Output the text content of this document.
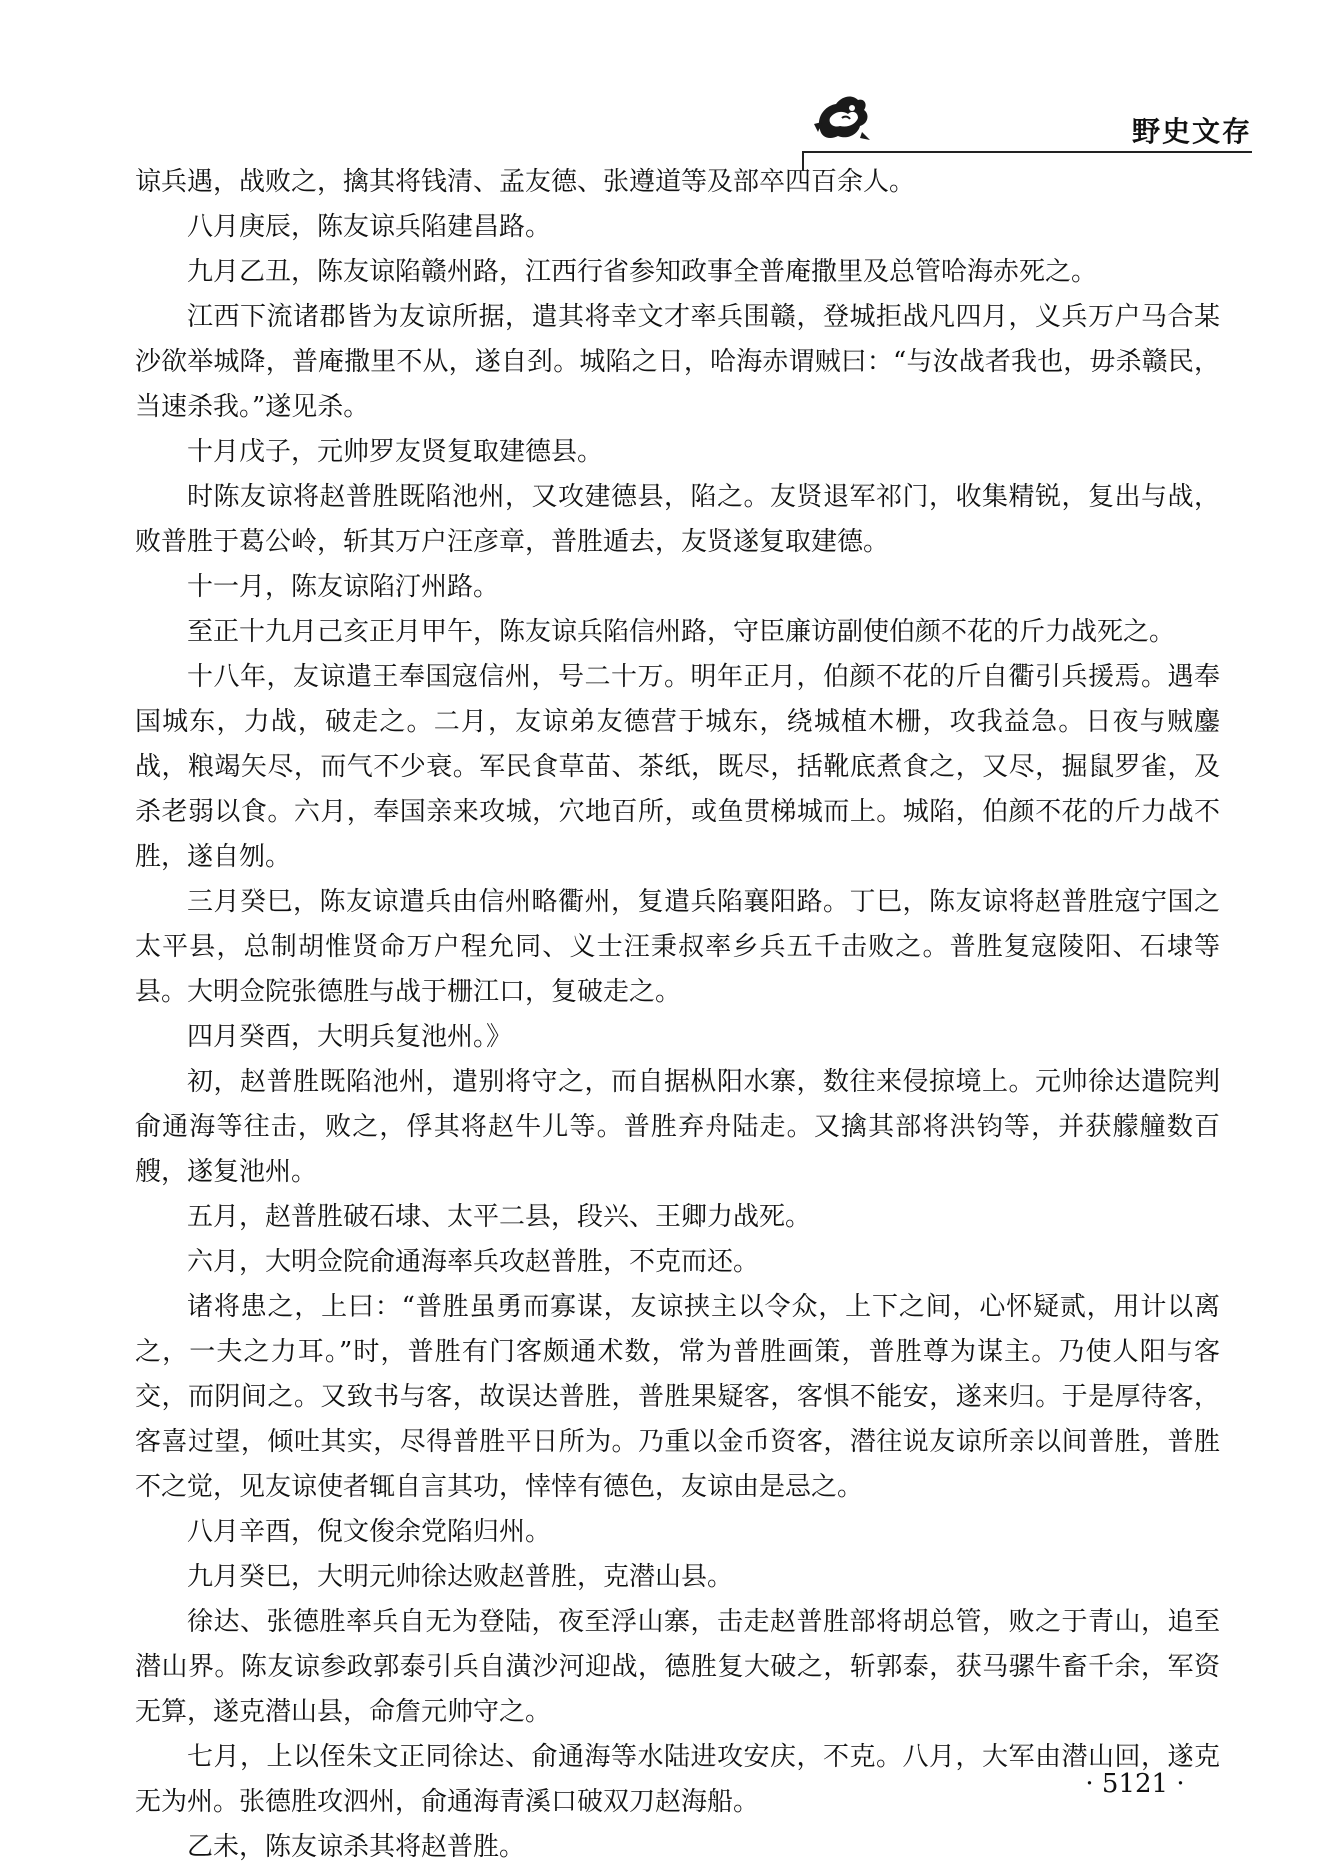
野史文存

谅兵遇，战败之，擒其将钱清、孟友德、张遵道等及部卒四百余人。

八月庚辰，陈友谅兵陷建昌路。

九月乙丑，陈友谅陷赣州路，江西行省参知政事全普庵撒里及总管哈海赤死之。

江西下流诸郡皆为友谅所据，遣其将幸文才率兵围赣，登城拒战凡四月，义兵万户马合某沙欲举城降，普庵撒里不从，遂自刭。城陷之日，哈海赤谓贼曰：“与汝战者我也，毋杀赣民，当速杀我。”遂见杀。

十月戊子，元帅罗友贤复取建德县。

时陈友谅将赵普胜既陷池州，又攻建德县，陷之。友贤退军祁门，收集精锐，复出与战，败普胜于葛公岭，斩其万户汪彦章，普胜遁去，友贤遂复取建德。

十一月，陈友谅陷汀州路。

至正十九月己亥正月甲午，陈友谅兵陷信州路，守臣廉访副使伯颜不花的斤力战死之。

十八年，友谅遣王奉国寇信州，号二十万。明年正月，伯颜不花的斤自衢引兵援焉。遇奉国城东，力战，破走之。二月，友谅弟友德营于城东，绕城植木栅，攻我益急。日夜与贼鏖战，粮竭矢尽，而气不少衰。军民食草苗、茶纸，既尽，括靴底煮食之，又尽，掘鼠罗雀，及杀老弱以食。六月，奉国亲来攻城，穴地百所，或鱼贯梯城而上。城陷，伯颜不花的斤力战不胜，遂自刎。

三月癸巳，陈友谅遣兵由信州略衢州，复遣兵陷襄阳路。丁巳，陈友谅将赵普胜寇宁国之太平县，总制胡惟贤命万户程允同、义士汪秉叔率乡兵五千击败之。普胜复寇陵阳、石埭等县。大明佥院张德胜与战于栅江口，复破走之。

四月癸酉，大明兵复池州。》

初，赵普胜既陷池州，遣别将守之，而自据枞阳水寨，数往来侵掠境上。元帅徐达遣院判俞通海等往击，败之，俘其将赵牛儿等。普胜弃舟陆走。又擒其部将洪钧等，并获艨艟数百艘，遂复池州。

五月，赵普胜破石埭、太平二县，段兴、王卿力战死。

六月，大明佥院俞通海率兵攻赵普胜，不克而还。

诸将患之，上曰：“普胜虽勇而寡谋，友谅挟主以令众，上下之间，心怀疑贰，用计以离之，一夫之力耳。”时，普胜有门客颇通术数，常为普胜画策，普胜尊为谋主。乃使人阳与客交，而阴间之。又致书与客，故误达普胜，普胜果疑客，客惧不能安，遂来归。于是厚待客，客喜过望，倾吐其实，尽得普胜平日所为。乃重以金币资客，潜往说友谅所亲以间普胜，普胜不之觉，见友谅使者辄自言其功，悻悻有德色，友谅由是忌之。

八月辛酉，倪文俊余党陷归州。

九月癸巳，大明元帅徐达败赵普胜，克潜山县。

徐达、张德胜率兵自无为登陆，夜至浮山寨，击走赵普胜部将胡总管，败之于青山，追至潜山界。陈友谅参政郭泰引兵自潢沙河迎战，德胜复大破之，斩郭泰，获马骡牛畜千余，军资无算，遂克潜山县，命詹元帅守之。

七月，上以侄朱文正同徐达、俞通海等水陆进攻安庆，不克。八月，大军由潜山回，遂克无为州。张德胜攻泗州，俞通海青溪口破双刀赵海船。

乙未，陈友谅杀其将赵普胜。

· 5121 ·
